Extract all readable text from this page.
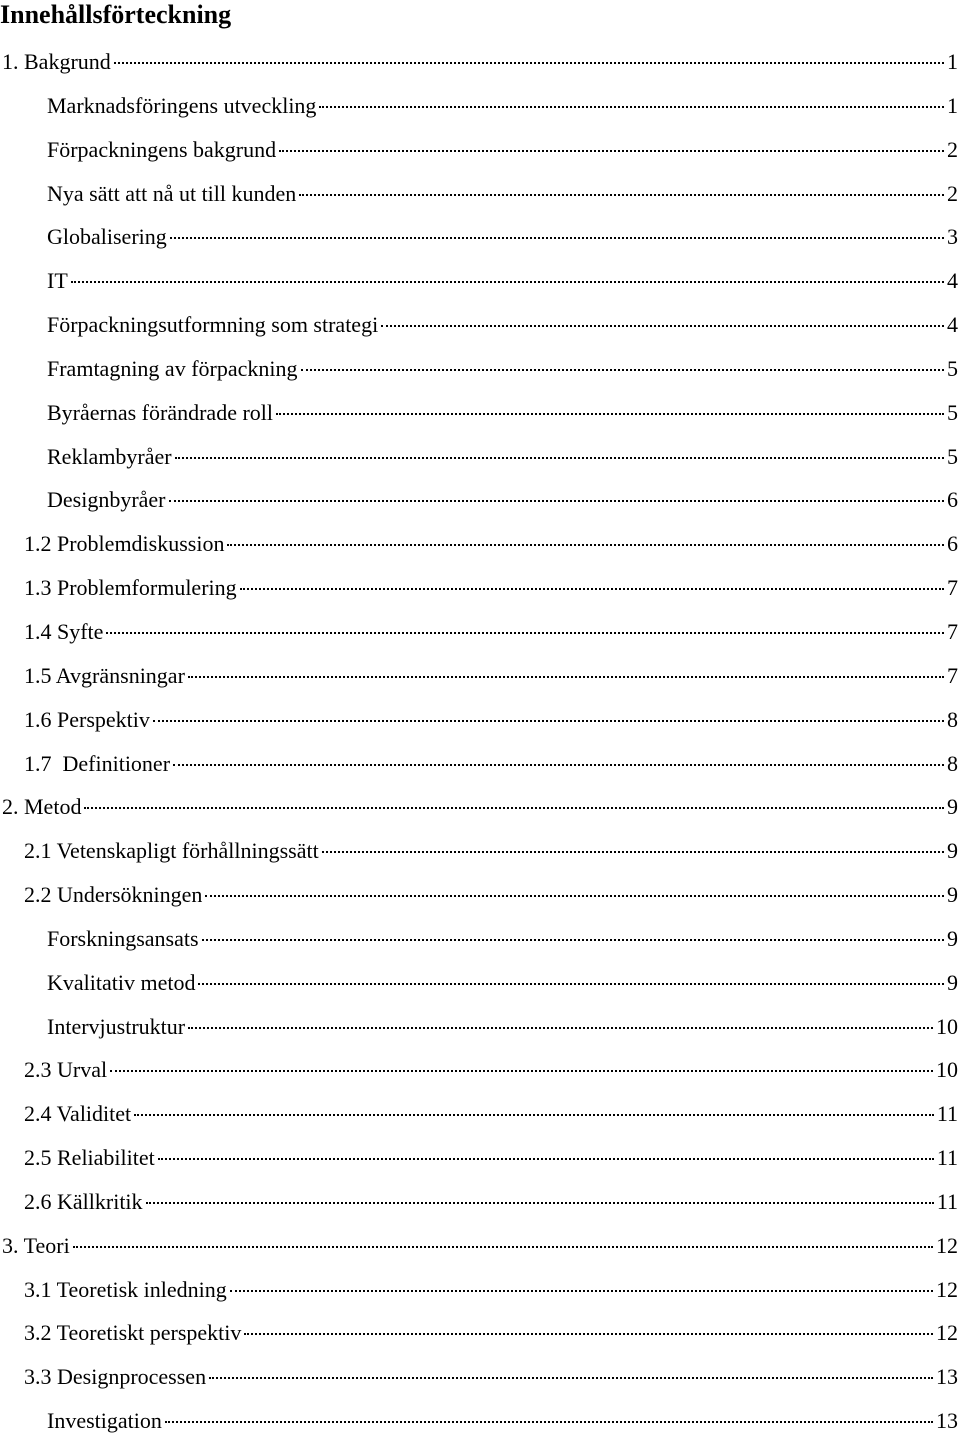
Innehållsförteckning
1. Bakgrund	1
Marknadsföringens utveckling	1
Förpackningens bakgrund	2
Nya sätt att nå ut till kunden	2
Globalisering	3
IT	4
Förpackningsutformning som strategi	4
Framtagning av förpackning	5
Byråernas förändrade roll	5
Reklambyråer	5
Designbyråer	6
1.2 Problemdiskussion	6
1.3 Problemformulering	7
1.4 Syfte	7
1.5 Avgränsningar	7
1.6 Perspektiv	8
1.7  Definitioner	8
2. Metod	9
2.1 Vetenskapligt förhållningssätt	9
2.2 Undersökningen	9
Forskningsansats	9
Kvalitativ metod	9
Intervjustruktur	10
2.3 Urval	10
2.4 Validitet	11
2.5 Reliabilitet	11
2.6 Källkritik	11
3. Teori	12
3.1 Teoretisk inledning	12
3.2 Teoretiskt perspektiv	12
3.3 Designprocessen	13
Investigation	13
